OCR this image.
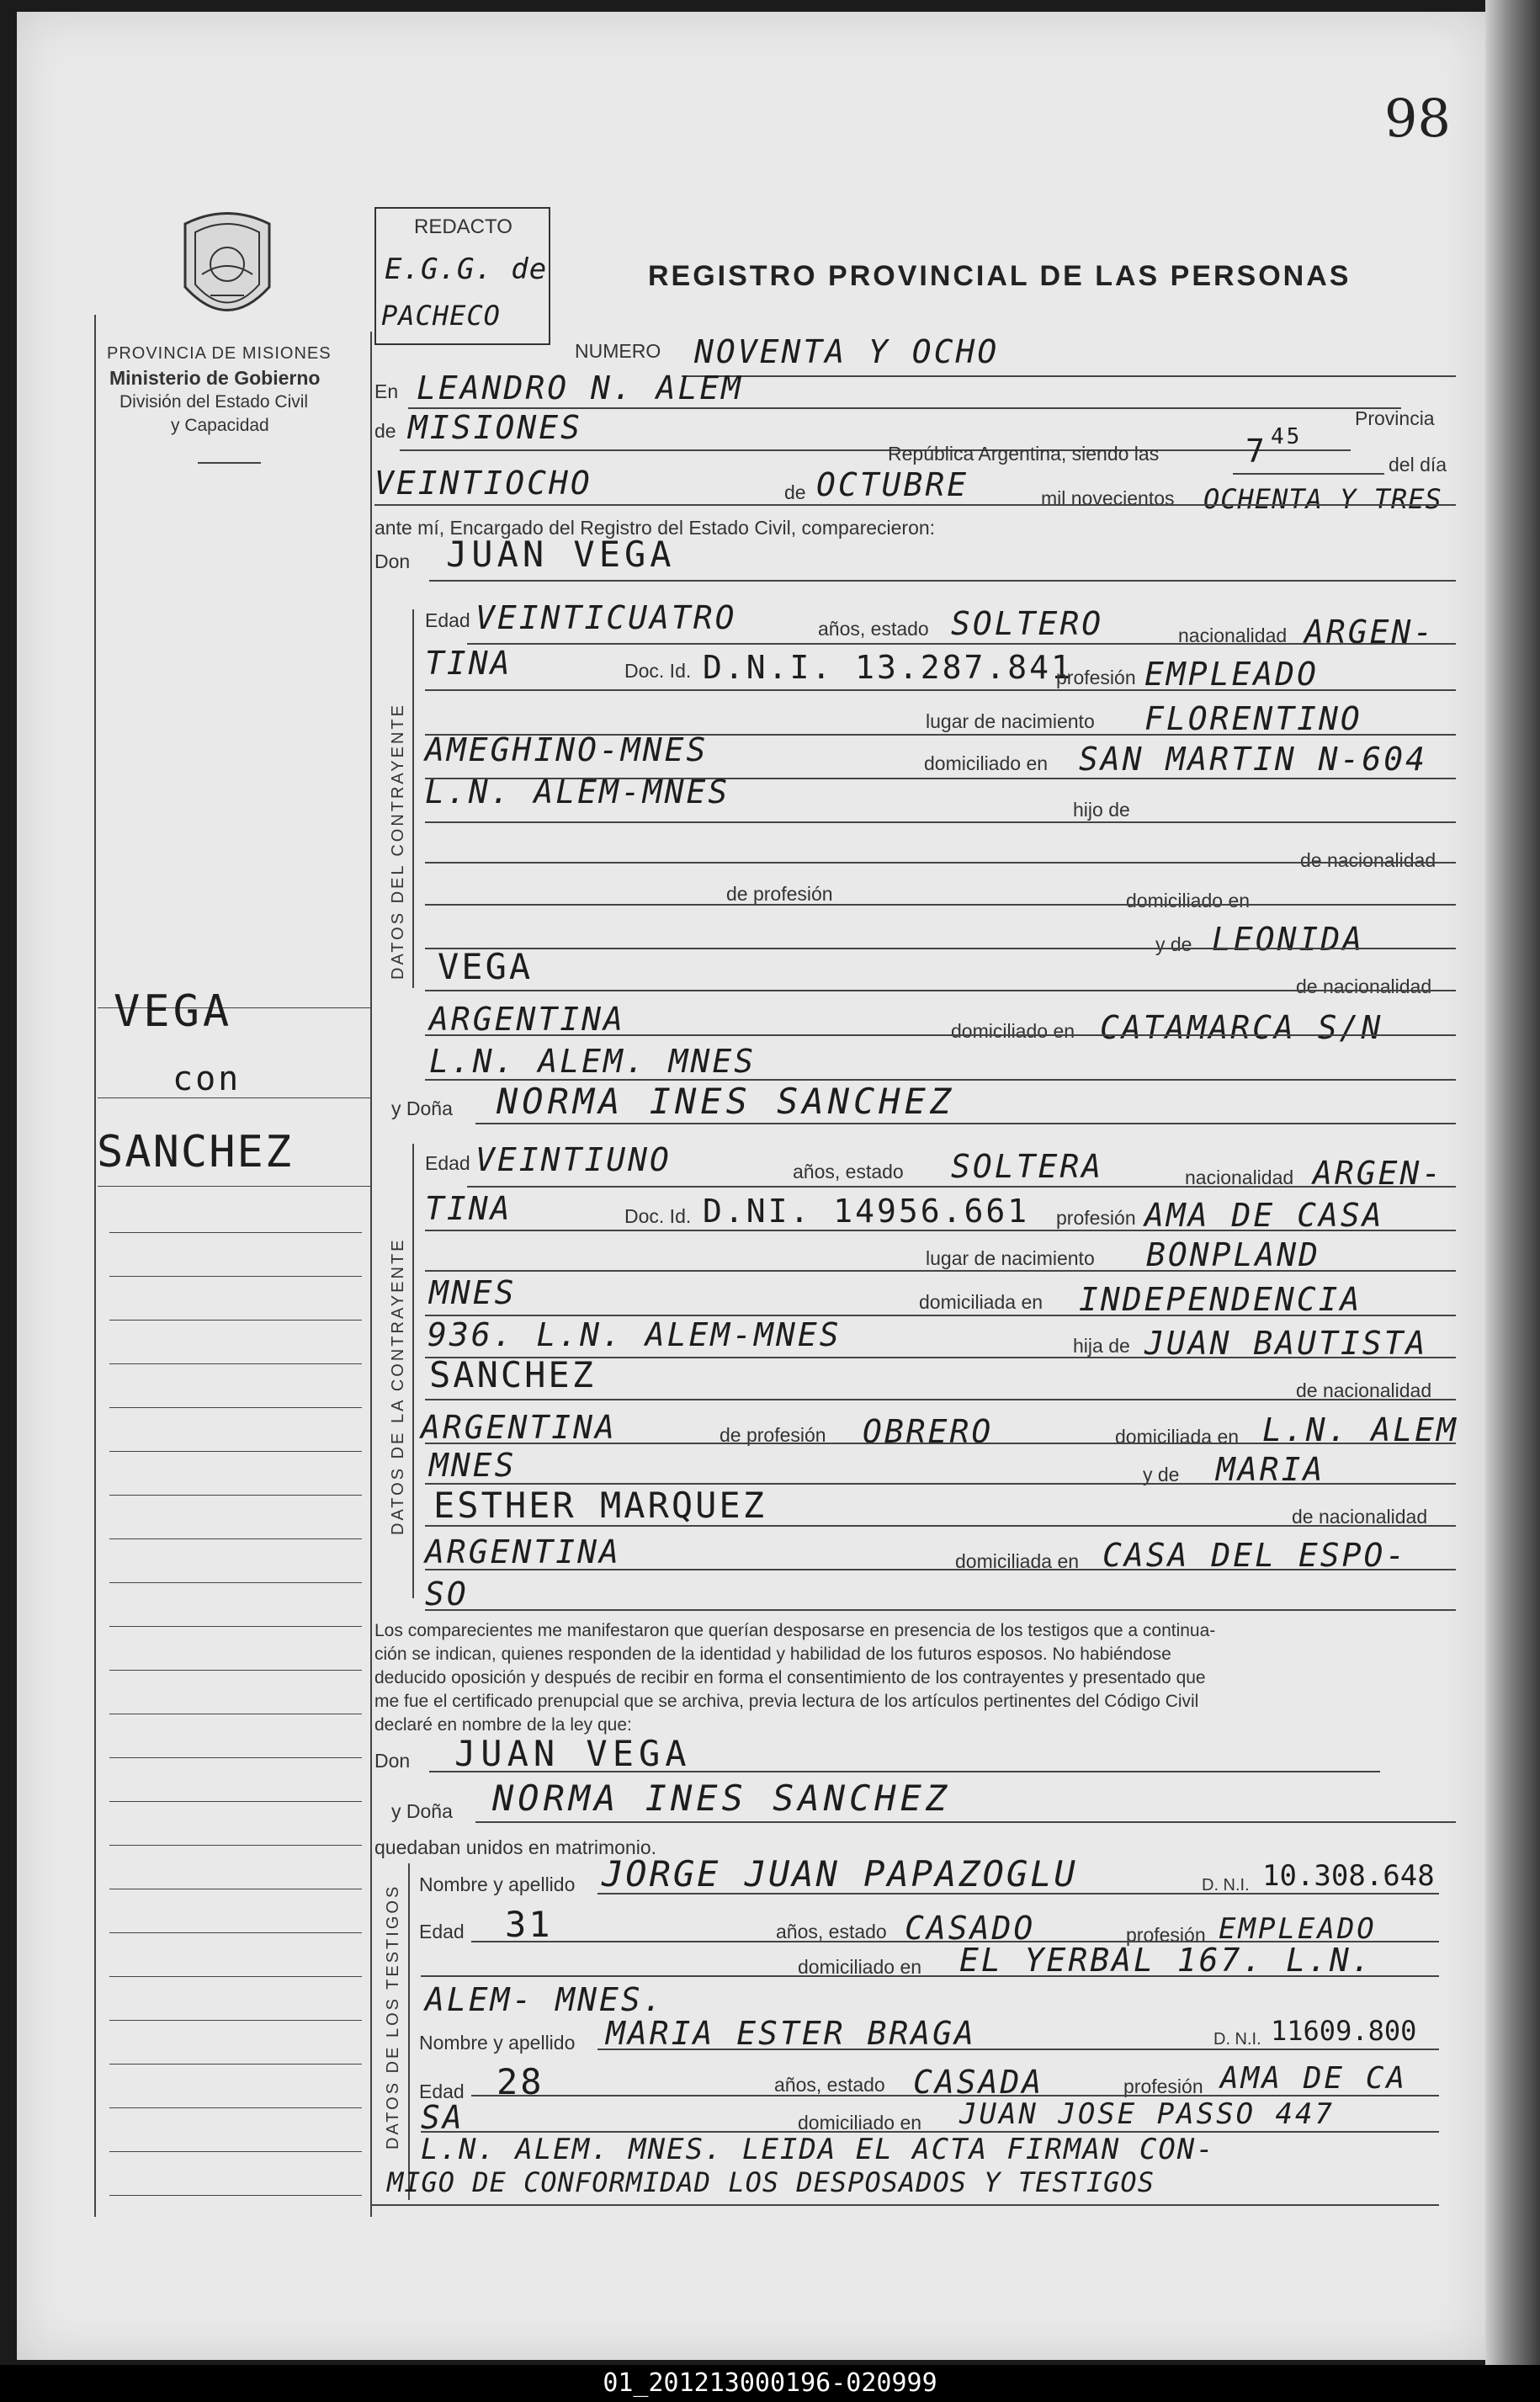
98
REDACTO
E.G.G. de
PACHECO
REGISTRO PROVINCIAL DE LAS PERSONAS
PROVINCIA DE MISIONES
Ministerio de Gobierno
División del Estado Civil
y Capacidad
VEGA
con
SANCHEZ
NUMERO NOVENTA Y OCHO
En LEANDRO N. ALEM
de MISIONES	Provincia
República Argentina, siendo las	7 45
del día
VEINTIOCHO	de OCTUBRE	mil novecientos OCHENTA Y TRES
ante mí, Encargado del Registro del Estado Civil, comparecieron:
Don JUAN VEGA
DATOS DEL CONTRAYENTE
Edad VEINTICUATRO	años, estado SOLTERO	nacionalidad ARGEN-
TINA	Doc. Id. D.N.I. 13.287.841
profesión EMPLEADO
lugar de nacimiento FLORENTINO
AMEGHINO-MNES	domiciliado en SAN MARTIN N-604
L.N. ALEM-MNES	hijo de
de nacionalidad
de profesión	domiciliado en
y de LEONIDA
VEGA	de nacionalidad
ARGENTINA	domiciliado en CATAMARCA S/N
L.N. ALEM. MNES
y Doña NORMA INES SANCHEZ
DATOS DE LA CONTRAYENTE
Edad VEINTIUNO	años, estado SOLTERA	nacionalidad ARGEN-
TINA	Doc. Id. D.NI. 14956.661 profesión AMA DE CASA
lugar de nacimiento BONPLAND
MNES	domiciliada en INDEPENDENCIA
936. L.N. ALEM-MNES	hija de JUAN BAUTISTA
SANCHEZ	de nacionalidad
ARGENTINA	de profesión OBRERO	domiciliada en L.N. ALEM
MNES	y de MARIA
ESTHER MARQUEZ	de nacionalidad
ARGENTINA	domiciliada en CASA DEL ESPO-
SO
Los comparecientes me manifestaron que querían desposarse en presencia de los testigos que a continua-
ción se indican, quienes responden de la identidad y habilidad de los futuros esposos. No habiéndose
deducido oposición y después de recibir en forma el consentimiento de los contrayentes y presentado que
me fue el certificado prenupcial que se archiva, previa lectura de los artículos pertinentes del Código Civil
declaré en nombre de la ley que:
Don JUAN VEGA
y Doña NORMA INES SANCHEZ
quedaban unidos en matrimonio.
DATOS DE LOS TESTIGOS Nombre y apellido JORGE JUAN PAPAZOGLU	D. N.I. 10.308.648
Edad 31	años, estado CASADO	profesión EMPLEADO
domiciliado en EL YERBAL 167. L.N.
ALEM- MNES.
Nombre y apellido MARIA ESTER BRAGA	D. N.I. 11609.800
Edad 28	años, estado CASADA	profesión AMA DE CA
SA	domiciliado en JUAN JOSE PASSO 447
L.N. ALEM. MNES. LEIDA EL ACTA FIRMAN CON-
MIGO DE CONFORMIDAD LOS DESPOSADOS Y TESTIGOS
01_201213000196-020999
